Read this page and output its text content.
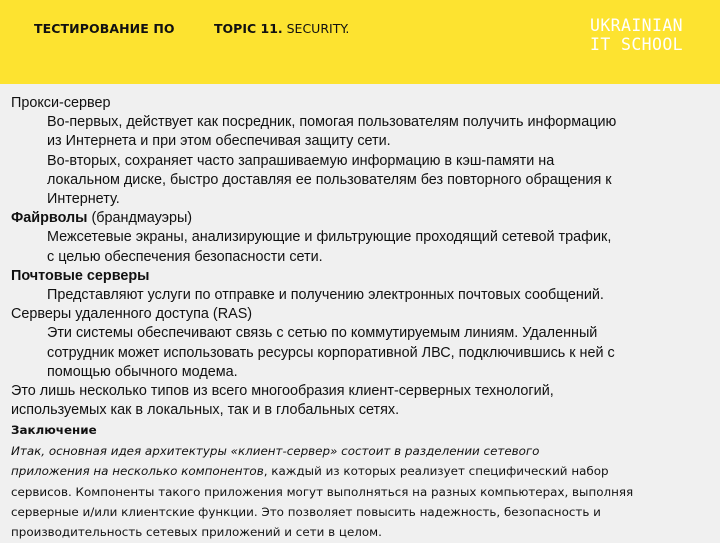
ТЕСТИРОВАНИЕ ПО	TOPIC 11. SECURITY.	UKRAINIAN
IT SCHOOL
Прокси-сервер
Во-первых, действует как посредник, помогая пользователям получить информацию
из Интернета и при этом обеспечивая защиту сети.
Во-вторых, сохраняет часто запрашиваемую информацию в кэш-памяти на
локальном диске, быстро доставляя ее пользователям без повторного обращения к
Интернету.
Файрволы (брандмауэры)
Межсетевые экраны, анализирующие и фильтрующие проходящий сетевой трафик,
с целью обеспечения безопасности сети.
Почтовые серверы
Представляют услуги по отправке и получению электронных почтовых сообщений.
Серверы удаленного доступа (RAS)
Эти системы обеспечивают связь с сетью по коммутируемым линиям. Удаленный
сотрудник может использовать ресурсы корпоративной ЛВС, подключившись к ней с
помощью обычного модема.
Это лишь несколько типов из всего многообразия клиент-серверных технологий,
используемых как в локальных, так и в глобальных сетях.
Заключение
Итак, основная идея архитектуры «клиент-сервер» состоит в разделении сетевого
приложения на несколько компонентов, каждый из которых реализует специфический набор
сервисов. Компоненты такого приложения могут выполняться на разных компьютерах, выполняя
серверные и/или клиентские функции. Это позволяет повысить надежность, безопасность и
производительность сетевых приложений и сети в целом.
